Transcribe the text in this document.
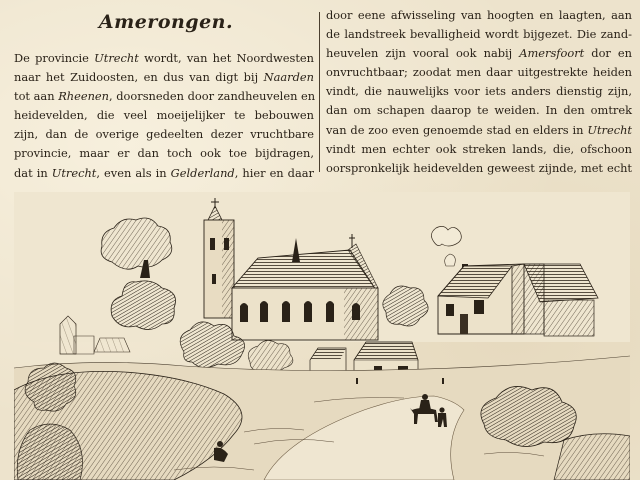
Amerongen.
De provincie Utrecht wordt, van het Noordwesten
naar het Zuidoosten, en dus van digt bij Naarden
tot aan Rheenen, doorsneden door zandheuvelen en
heidevelden, die veel moeijelijker te bebouwen
zijn, dan de overige gedeelten dezer vruchtbare
provincie, maar er dan toch ook toe bijdragen,
dat in Utrecht, even als in Gelderland, hier en daar
door eene afwisseling van hoogten en laagten, aan
de landstreek bevalligheid wordt bijgezet. Die zand-
heuvelen zijn vooral ook nabij Amersfoort dor en
onvruchtbaar; zoodat men daar uitgestrekte heiden
vindt, die nauwelijks voor iets anders dienstig zijn,
dan om schapen daarop te weiden. In den omtrek
van de zoo even genoemde stad en elders in Utrecht
vindt men echter ook streken lands, die, ofschoon
oorspronkelijk heidevelden geweest zijnde, met echt
